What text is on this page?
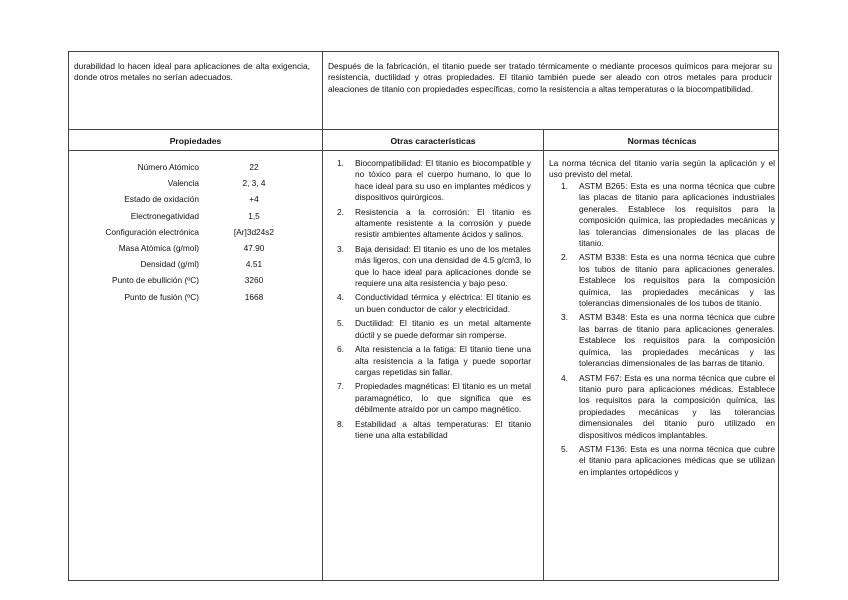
durabilidad lo hacen ideal para aplicaciones de alta exigencia, donde otros metales no serían adecuados.
Después de la fabricación, el titanio puede ser tratado térmicamente o mediante procesos químicos para mejorar su resistencia, ductilidad y otras propiedades. El titanio también puede ser aleado con otros metales para producir aleaciones de titanio con propiedades específicas, como la resistencia a altas temperaturas o la biocompatibilidad.
Propiedades	Otras características	Normas técnicas
Número Atómico	22
Valencia	2, 3, 4
Estado de oxidación	+4
Electronegatividad	1,5
Configuración electrónica	[Ar]3d24s2
Masa Atómica (g/mol)	47.90
Densidad (g/ml)	4.51
Punto de ebullición (ºC)	3260
Punto de fusión (ºC)	1668
1. Biocompatibilidad: El titanio es biocompatible y no tóxico para el cuerpo humano, lo que lo hace ideal para su uso en implantes médicos y dispositivos quirúrgicos.
2. Resistencia a la corrosión: El titanio es altamente resistente a la corrosión y puede resistir ambientes altamente ácidos y salinos.
3. Baja densidad: El titanio es uno de los metales más ligeros, con una densidad de 4.5 g/cm3, lo que lo hace ideal para aplicaciones donde se requiere una alta resistencia y bajo peso.
4. Conductividad térmica y eléctrica: El titanio es un buen conductor de calor y electricidad.
5. Ductilidad: El titanio es un metal altamente dúctil y se puede deformar sin romperse.
6. Alta resistencia a la fatiga: El titanio tiene una alta resistencia a la fatiga y puede soportar cargas repetidas sin fallar.
7. Propiedades magnéticas: El titanio es un metal paramagnético, lo que significa que es débilmente atraído por un campo magnético.
8. Estabilidad a altas temperaturas: El titanio tiene una alta estabilidad
La norma técnica del titanio varía según la aplicación y el uso previsto del metal.
1. ASTM B265: Esta es una norma técnica que cubre las placas de titanio para aplicaciones industriales generales. Establece los requisitos para la composición química, las propiedades mecánicas y las tolerancias dimensionales de las placas de titanio.
2. ASTM B338: Esta es una norma técnica que cubre los tubos de titanio para aplicaciones generales. Establece los requisitos para la composición química, las propiedades mecánicas y las tolerancias dimensionales de los tubos de titanio.
3. ASTM B348: Esta es una norma técnica que cubre las barras de titanio para aplicaciones generales. Establece los requisitos para la composición química, las propiedades mecánicas y las tolerancias dimensionales de las barras de titanio.
4. ASTM F67: Esta es una norma técnica que cubre el titanio puro para aplicaciones médicas. Establece los requisitos para la composición química, las propiedades mecánicas y las tolerancias dimensionales del titanio puro utilizado en dispositivos médicos implantables.
5. ASTM F136: Esta es una norma técnica que cubre el titanio para aplicaciones médicas que se utilizan en implantes ortopédicos y
